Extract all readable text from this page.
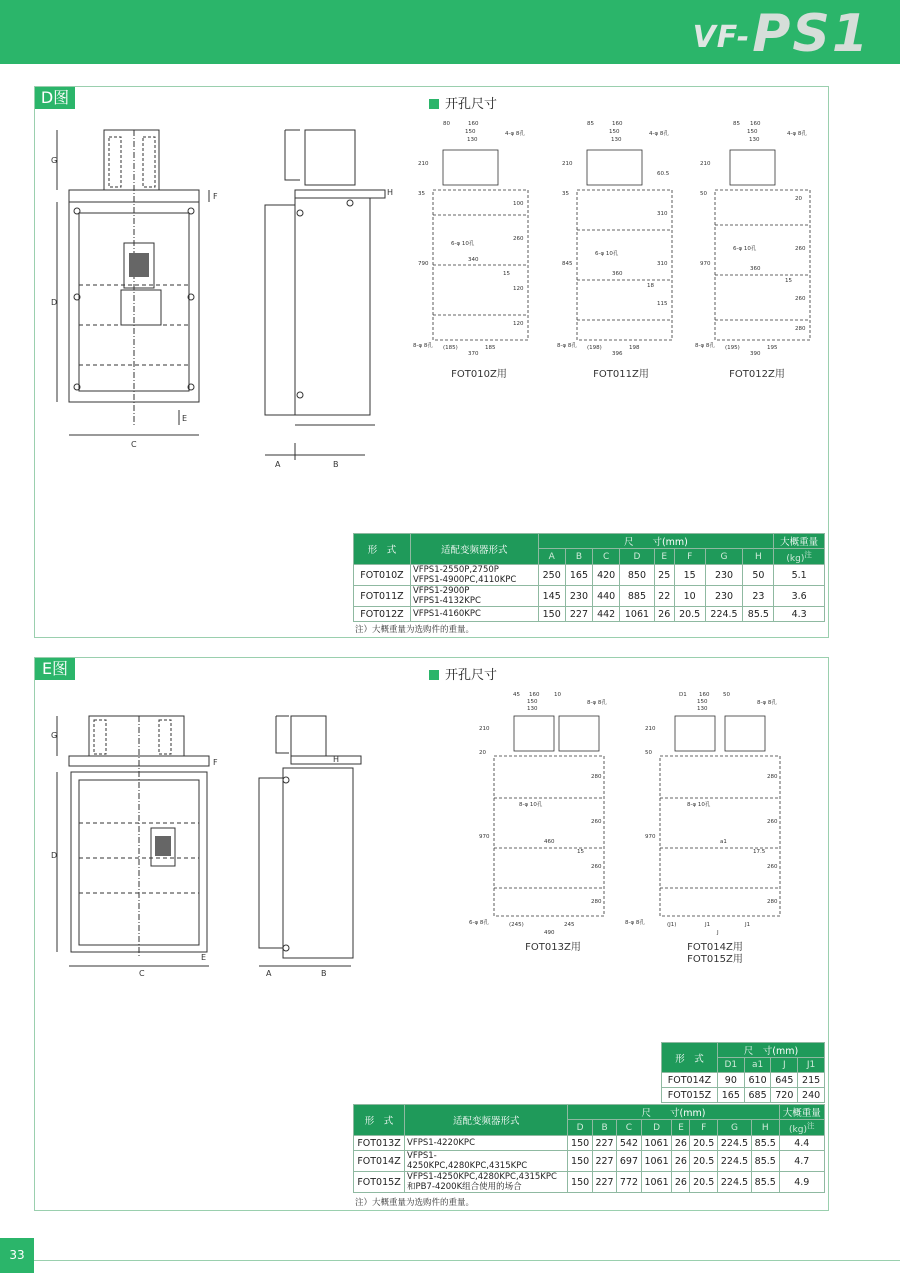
VF- PS1
D图	开孔尺寸
G
F
D
E
C
A	B
H
80	160
150
130
4-φ 8孔
6-φ 10孔
8-φ 8孔
210
35
790
100
260
120
120
340
15
(185)	185
370
85	160
150
130
4-φ 8孔
6-φ 10孔
8-φ 8孔
210
35
845
310
310
115
60.5
360
18
(198)	198
396
85 160
150
130
4-φ 8孔
6-φ 10孔
8-φ 8孔
210
50
970
20
260
260
280
360
15
(195)	195
390
FOT010Z用	FOT011Z用	FOT012Z用
形　式	适配变频器形式	尺　　寸(mm)								大概重量
		A	B	C	D	E	F	G	H	(kg)$^注$
FOT010Z	VFPS1-2550P,2750P
VFPS1-4900PC,4110KPC	250	165	420	850	25	15	230	50	5.1
FOT011Z	VFPS1-2900P
VFPS1-4132KPC	145	230	440	885	22	10	230	23	3.6
FOT012Z	VFPS1-4160KPC	150	227	442	1061	26	20.5	224.5	85.5	4.3
注）大概重量为选购件的重量。
E图	开孔尺寸
G
F
D
E
C	A	B
H
45 160	10
150
130
8-φ 8孔
8-φ 10孔
6-φ 8孔
210
20
970
280
260
260
280
460
15
(245)	245
490
D1 160 50
150
130
8-φ 8孔
8-φ 10孔
8-φ 8孔
210
50
970
280
260
260
280
a1
17.5
(J1)	J1	J1
J
FOT013Z用	FOT014Z用
FOT015Z用
形　式	尺　寸(mm)			
	D1	a1	J	J1
FOT014Z	90	610	645	215
FOT015Z	165	685	720	240
形　式	适配变频器形式	尺　　寸(mm)								大概重量
		D	B	C	D	E	F	G	H	(kg)$^注$
FOT013Z	VFPS1-4220KPC	150	227	542	1061	26	20.5	224.5	85.5	4.4
FOT014Z	VFPS1-
4250KPC,4280KPC,4315KPC	150	227	697	1061	26	20.5	224.5	85.5	4.7
FOT015Z	VFPS1-4250KPC,4280KPC,4315KPC
和PB7-4200K组合使用的场合	150	227	772	1061	26	20.5	224.5	85.5	4.9
注）大概重量为选购件的重量。
33
